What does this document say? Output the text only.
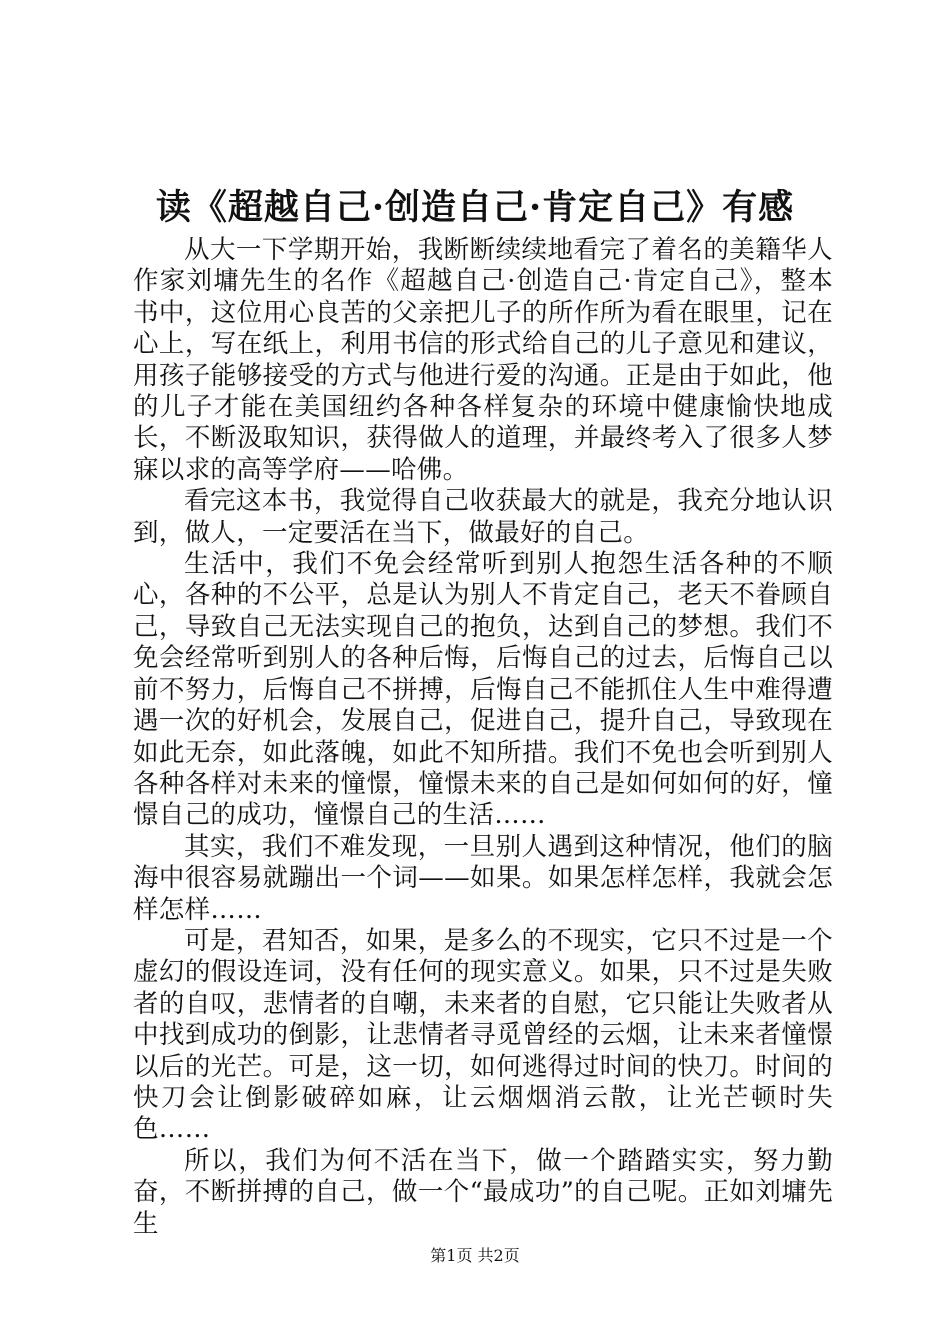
读《超越自己·创造自己·肯定自己》有感

从大一下学期开始，我断断续续地看完了着名的美籍华人作家刘墉先生的名作《超越自己·创造自己·肯定自己》，整本书中，这位用心良苦的父亲把儿子的所作所为看在眼里，记在心上，写在纸上，利用书信的形式给自己的儿子意见和建议，用孩子能够接受的方式与他进行爱的沟通。正是由于如此，他的儿子才能在美国纽约各种各样复杂的环境中健康愉快地成长，不断汲取知识，获得做人的道理，并最终考入了很多人梦寐以求的高等学府——哈佛。

看完这本书，我觉得自己收获最大的就是，我充分地认识到，做人，一定要活在当下，做最好的自己。

生活中，我们不免会经常听到别人抱怨生活各种的不顺心，各种的不公平，总是认为别人不肯定自己，老天不眷顾自己，导致自己无法实现自己的抱负，达到自己的梦想。我们不免会经常听到别人的各种后悔，后悔自己的过去，后悔自己以前不努力，后悔自己不拼搏，后悔自己不能抓住人生中难得遭遇一次的好机会，发展自己，促进自己，提升自己，导致现在如此无奈，如此落魄，如此不知所措。我们不免也会听到别人各种各样对未来的憧憬，憧憬未来的自己是如何如何的好，憧憬自己的成功，憧憬自己的生活……

其实，我们不难发现，一旦别人遇到这种情况，他们的脑海中很容易就蹦出一个词——如果。如果怎样怎样，我就会怎样怎样……

可是，君知否，如果，是多么的不现实，它只不过是一个虚幻的假设连词，没有任何的现实意义。如果，只不过是失败者的自叹，悲情者的自嘲，未来者的自慰，它只能让失败者从中找到成功的倒影，让悲情者寻觅曾经的云烟，让未来者憧憬以后的光芒。可是，这一切，如何逃得过时间的快刀。时间的快刀会让倒影破碎如麻，让云烟烟消云散，让光芒顿时失色……

所以，我们为何不活在当下，做一个踏踏实实，努力勤奋，不断拼搏的自己，做一个“最成功”的自己呢。正如刘墉先生

第1页 共2页
